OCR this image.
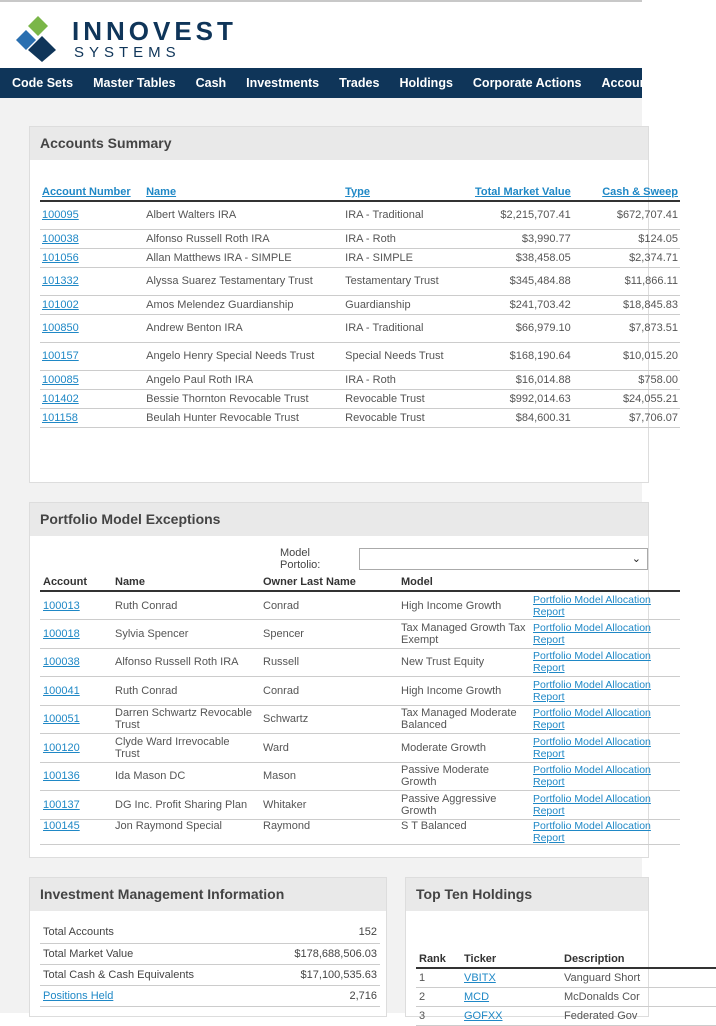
INNOVEST
SYSTEMS
Code Sets	Master Tables	Cash	Investments	Trades	Holdings	Corporate Actions	Accounti
Accounts Summary
Account Number	Name	Type	Total Market Value	Cash & Sweep
100095	Albert Walters IRA	IRA - Traditional	$2,215,707.41	$672,707.41
100038	Alfonso Russell Roth IRA	IRA - Roth	$3,990.77	$124.05
101056	Allan Matthews IRA - SIMPLE	IRA - SIMPLE	$38,458.05	$2,374.71
101332	Alyssa Suarez Testamentary Trust	Testamentary Trust	$345,484.88	$11,866.11
101002	Amos Melendez Guardianship	Guardianship	$241,703.42	$18,845.83
100850	Andrew Benton IRA	IRA - Traditional	$66,979.10	$7,873.51
100157	Angelo Henry Special Needs Trust	Special Needs Trust	$168,190.64	$10,015.20
100085	Angelo Paul Roth IRA	IRA - Roth	$16,014.88	$758.00
101402	Bessie Thornton Revocable Trust	Revocable Trust	$992,014.63	$24,055.21
101158	Beulah Hunter Revocable Trust	Revocable Trust	$84,600.31	$7,706.07
Portfolio Model Exceptions
Model Portolio:	⌄
Account	Name	Owner Last Name	Model	
100013	Ruth Conrad	Conrad	High Income Growth	Portfolio Model Allocation Report
100018	Sylvia Spencer	Spencer	Tax Managed Growth Tax Exempt	Portfolio Model Allocation Report
100038	Alfonso Russell Roth IRA	Russell	New Trust Equity	Portfolio Model Allocation Report
100041	Ruth Conrad	Conrad	High Income Growth	Portfolio Model Allocation Report
100051	Darren Schwartz Revocable Trust	Schwartz	Tax Managed Moderate Balanced	Portfolio Model Allocation Report
100120	Clyde Ward Irrevocable Trust	Ward	Moderate Growth	Portfolio Model Allocation Report
100136	Ida Mason DC	Mason	Passive Moderate Growth	Portfolio Model Allocation Report
100137	DG Inc. Profit Sharing Plan	Whitaker	Passive Aggressive Growth	Portfolio Model Allocation Report
100145	Jon Raymond Special	Raymond	S T Balanced	Portfolio Model Allocation Report
Investment Management Information
Total Accounts	152
Total Market Value	$178,688,506.03
Total Cash & Cash Equivalents	$17,100,535.63
Positions Held	2,716
Top Ten Holdings
Rank	Ticker	Description
1	VBITX	Vanguard Short
2	MCD	McDonalds Cor
3	GOFXX	Federated Gov
